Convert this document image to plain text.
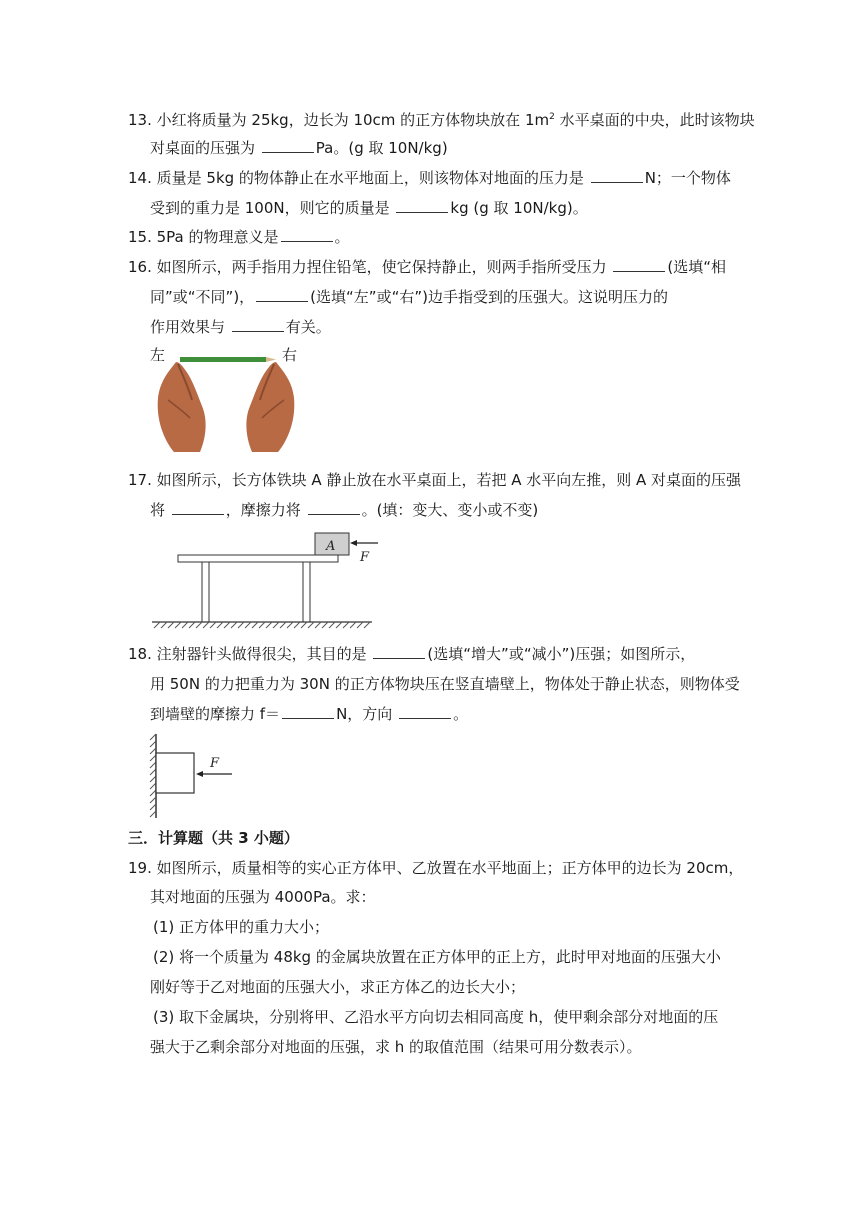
13. 小红将质量为 25kg，边长为 10cm 的正方体物块放在 $1m^2$ 水平桌面的中央，此时该物块
对桌面的压强为	Pa。(g 取 10N/kg)
14. 质量是 5kg 的物体静止在水平地面上，则该物体对地面的压力是	N；一个物体
受到的重力是 100N，则它的质量是	kg (g 取 10N/kg)。
15. 5Pa 的物理意义是	。
16. 如图所示，两手指用力捏住铅笔，使它保持静止，则两手指所受压力	(选填“相
同”或“不同”)，	(选填“左”或“右”)边手指受到的压强大。这说明压力的
作用效果与	有关。
左	右
17. 如图所示，长方体铁块 A 静止放在水平桌面上，若把 A 水平向左推，则 A 对桌面的压强
将	，摩擦力将	。(填：变大、变小或不变)
A
F
18. 注射器针头做得很尖，其目的是	(选填“增大”或“减小”)压强；如图所示，
用 50N 的力把重力为 30N 的正方体物块压在竖直墙壁上，物体处于静止状态，则物体受
到墙壁的摩擦力 f＝	N，方向	。
F
三．计算题（共 3 小题）
19. 如图所示，质量相等的实心正方体甲、乙放置在水平地面上；正方体甲的边长为 20cm，
其对地面的压强为 4000Pa。求：
(1) 正方体甲的重力大小；
(2) 将一个质量为 48kg 的金属块放置在正方体甲的正上方，此时甲对地面的压强大小
刚好等于乙对地面的压强大小，求正方体乙的边长大小；
(3) 取下金属块，分别将甲、乙沿水平方向切去相同高度 h，使甲剩余部分对地面的压
强大于乙剩余部分对地面的压强，求 h 的取值范围（结果可用分数表示）。
